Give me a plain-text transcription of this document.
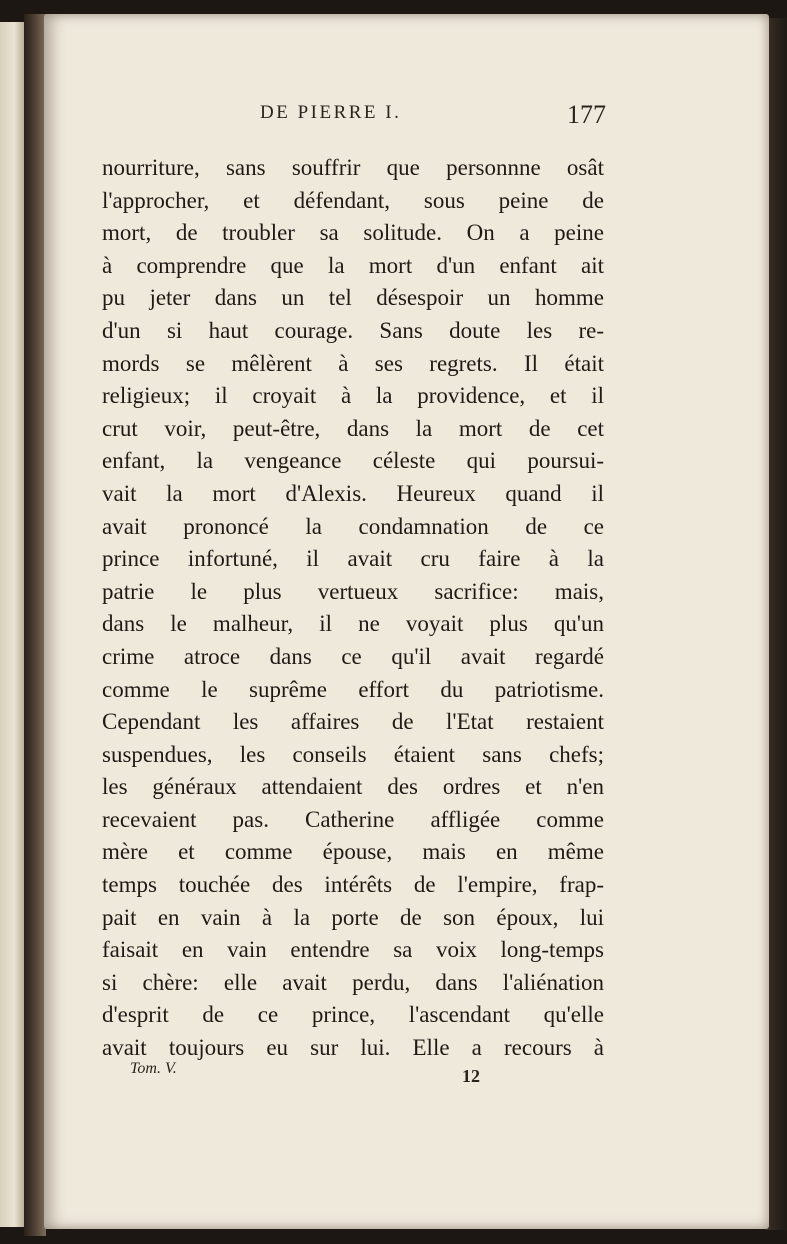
DE PIERRE I.	177
nourriture, sans souffrir que personnne osât
l'approcher, et défendant, sous peine de
mort, de troubler sa solitude. On a peine
à comprendre que la mort d'un enfant ait
pu jeter dans un tel désespoir un homme
d'un si haut courage. Sans doute les re-
mords se mêlèrent à ses regrets. Il était
religieux; il croyait à la providence, et il
crut voir, peut-être, dans la mort de cet
enfant, la vengeance céleste qui poursui-
vait la mort d'Alexis. Heureux quand il
avait prononcé la condamnation de ce
prince infortuné, il avait cru faire à la
patrie le plus vertueux sacrifice: mais,
dans le malheur, il ne voyait plus qu'un
crime atroce dans ce qu'il avait regardé
comme le suprême effort du patriotisme.
Cependant les affaires de l'Etat restaient
suspendues, les conseils étaient sans chefs;
les généraux attendaient des ordres et n'en
recevaient pas. Catherine affligée comme
mère et comme épouse, mais en même
temps touchée des intérêts de l'empire, frap-
pait en vain à la porte de son époux, lui
faisait en vain entendre sa voix long-temps
si chère: elle avait perdu, dans l'aliénation
d'esprit de ce prince, l'ascendant qu'elle
avait toujours eu sur lui. Elle a recours à
Tom. V.	12
